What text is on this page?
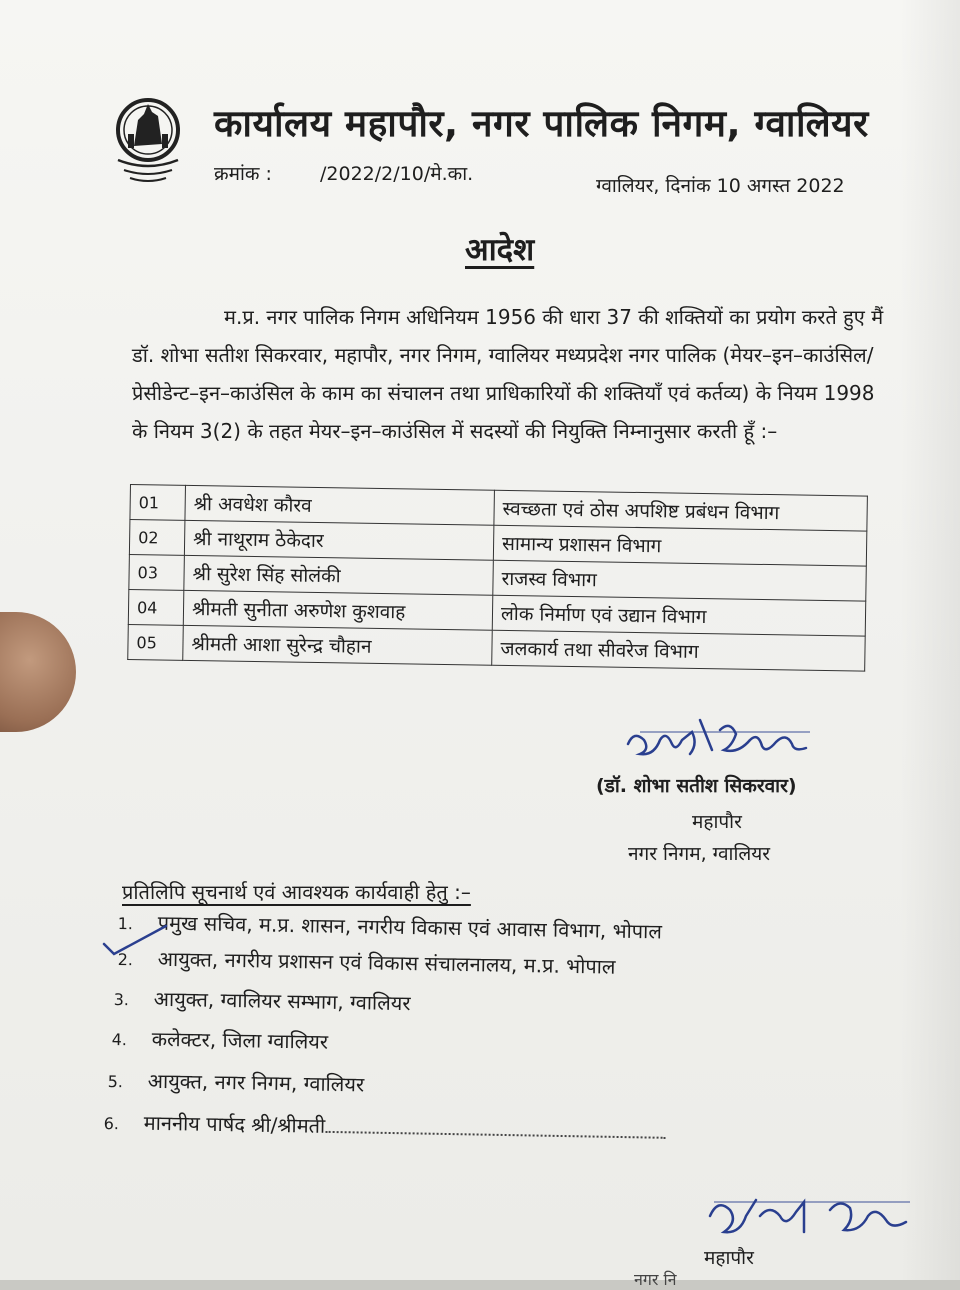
कार्यालय महापौर, नगर पालिक निगम, ग्वालियर
क्रमांक :	/2022/2/10/मे.का.
ग्वालियर, दिनांक 10 अगस्त 2022
आदेश
म.प्र. नगर पालिक निगम अधिनियम 1956 की धारा 37 की शक्तियों का प्रयोग करते हुए मैं डॉ. शोभा सतीश सिकरवार, महापौर, नगर निगम, ग्वालियर मध्यप्रदेश नगर पालिक (मेयर–इन–काउंसिल/प्रेसीडेन्ट–इन–काउंसिल के काम का संचालन तथा प्राधिकारियों की शक्तियाँ एवं कर्तव्य) के नियम 1998 के नियम 3(2) के तहत मेयर–इन–काउंसिल में सदस्यों की नियुक्ति निम्नानुसार करती हूँ :–
01	श्री अवधेश कौरव	स्वच्छता एवं ठोस अपशिष्ट प्रबंधन विभाग
02	श्री नाथूराम ठेकेदार	सामान्य प्रशासन विभाग
03	श्री सुरेश सिंह सोलंकी	राजस्व विभाग
04	श्रीमती सुनीता अरुणेश कुशवाह	लोक निर्माण एवं उद्यान विभाग
05	श्रीमती आशा सुरेन्द्र चौहान	जलकार्य तथा सीवरेज विभाग
(डॉ. शोभा सतीश सिकरवार)
महापौर
नगर निगम, ग्वालियर
प्रतिलिपि सूचनार्थ एवं आवश्यक कार्यवाही हेतु :–
1. प्रमुख सचिव, म.प्र. शासन, नगरीय विकास एवं आवास विभाग, भोपाल
2. आयुक्त, नगरीय प्रशासन एवं विकास संचालनालय, म.प्र. भोपाल
3. आयुक्त, ग्वालियर सम्भाग, ग्वालियर
4. कलेक्टर, जिला ग्वालियर
5. आयुक्त, नगर निगम, ग्वालियर
6. माननीय पार्षद श्री/श्रीमती
महापौर
नगर नि
